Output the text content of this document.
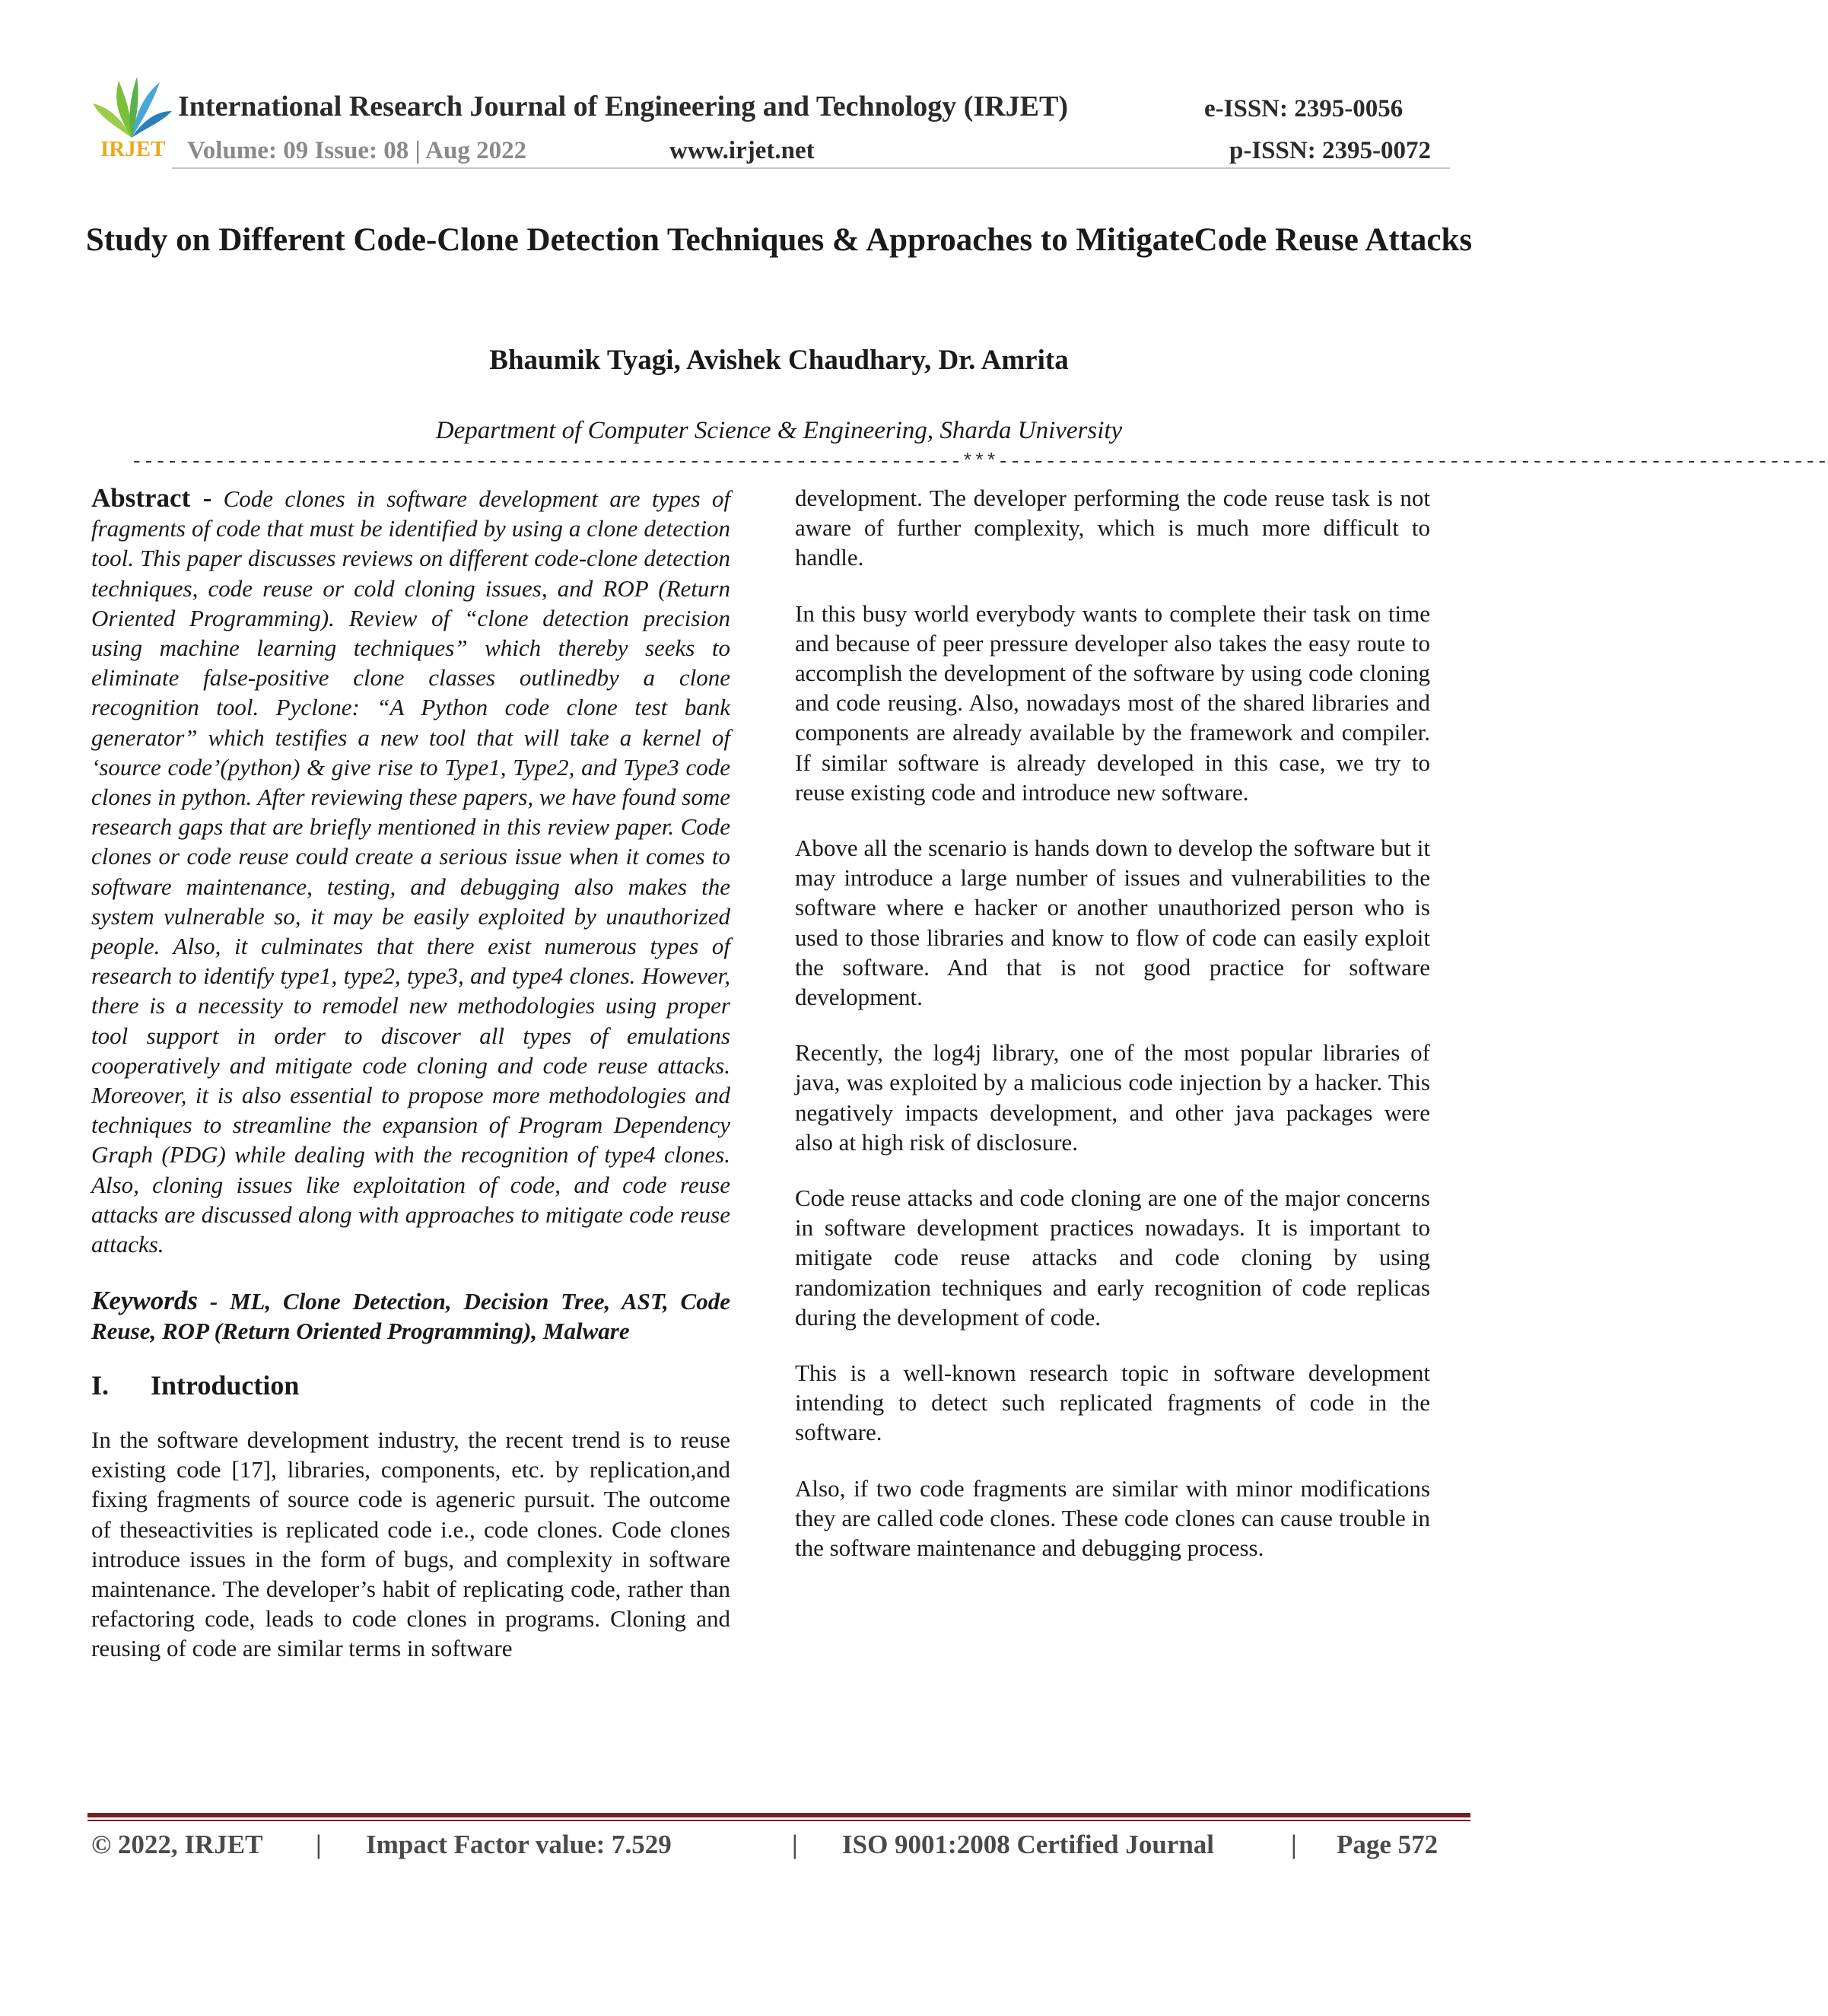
IRJET
International Research Journal of Engineering and Technology (IRJET)	e-ISSN: 2395-0056
Volume: 09 Issue: 08 | Aug 2022	www.irjet.net	p-ISSN: 2395-0072
Study on Different Code-Clone Detection Techniques & Approaches to MitigateCode Reuse Attacks
Bhaumik Tyagi, Avishek Chaudhary, Dr. Amrita
Department of Computer Science & Engineering, Sharda University
----------------------------------------------------------------------***----------------------------------------------------------------------

Abstract - Code clones in software development are types of fragments of code that must be identified by using a clone detection tool. This paper discusses reviews on different code-clone detection techniques, code reuse or cold cloning issues, and ROP (Return Oriented Programming). Review of “clone detection precision using machine learning techniques” which thereby seeks to eliminate false-positive clone classes outlinedby a clone recognition tool. Pyclone: “A Python code clone test bank generator” which testifies a new tool that will take a kernel of ‘source code’(python) & give rise to Type1, Type2, and Type3 code clones in python. After reviewing these papers, we have found some research gaps that are briefly mentioned in this review paper. Code clones or code reuse could create a serious issue when it comes to software maintenance, testing, and debugging also makes the system vulnerable so, it may be easily exploited by unauthorized people. Also, it culminates that there exist numerous types of research to identify type1, type2, type3, and type4 clones. However, there is a necessity to remodel new methodologies using proper tool support in order to discover all types of emulations cooperatively and mitigate code cloning and code reuse attacks. Moreover, it is also essential to propose more methodologies and techniques to streamline the expansion of Program Dependency Graph (PDG) while dealing with the recognition of type4 clones. Also, cloning issues like exploitation of code, and code reuse attacks are discussed along with approaches to mitigate code reuse attacks.

Keywords - ML, Clone Detection, Decision Tree, AST, Code Reuse, ROP (Return Oriented Programming), Malware

I. Introduction

In the software development industry, the recent trend is to reuse existing code [17], libraries, components, etc. by replication,and fixing fragments of source code is ageneric pursuit. The outcome of theseactivities is replicated code i.e., code clones. Code clones introduce issues in the form of bugs, and complexity in software maintenance. The developer’s habit of replicating code, rather than refactoring code, leads to code clones in programs. Cloning and reusing of code are similar terms in software

development. The developer performing the code reuse task is not aware of further complexity, which is much more difficult to handle.

In this busy world everybody wants to complete their task on time and because of peer pressure developer also takes the easy route to accomplish the development of the software by using code cloning and code reusing. Also, nowadays most of the shared libraries and components are already available by the framework and compiler. If similar software is already developed in this case, we try to reuse existing code and introduce new software.

Above all the scenario is hands down to develop the software but it may introduce a large number of issues and vulnerabilities to the software where e hacker or another unauthorized person who is used to those libraries and know to flow of code can easily exploit the software. And that is not good practice for software development.

Recently, the log4j library, one of the most popular libraries of java, was exploited by a malicious code injection by a hacker. This negatively impacts development, and other java packages were also at high risk of disclosure.

Code reuse attacks and code cloning are one of the major concerns in software development practices nowadays. It is important to mitigate code reuse attacks and code cloning by using randomization techniques and early recognition of code replicas during the development of code.

This is a well-known research topic in software development intending to detect such replicated fragments of code in the software.

Also, if two code fragments are similar with minor modifications they are called code clones. These code clones can cause trouble in the software maintenance and debugging process.

© 2022, IRJET | Impact Factor value: 7.529	| ISO 9001:2008 Certified Journal	| Page 572
